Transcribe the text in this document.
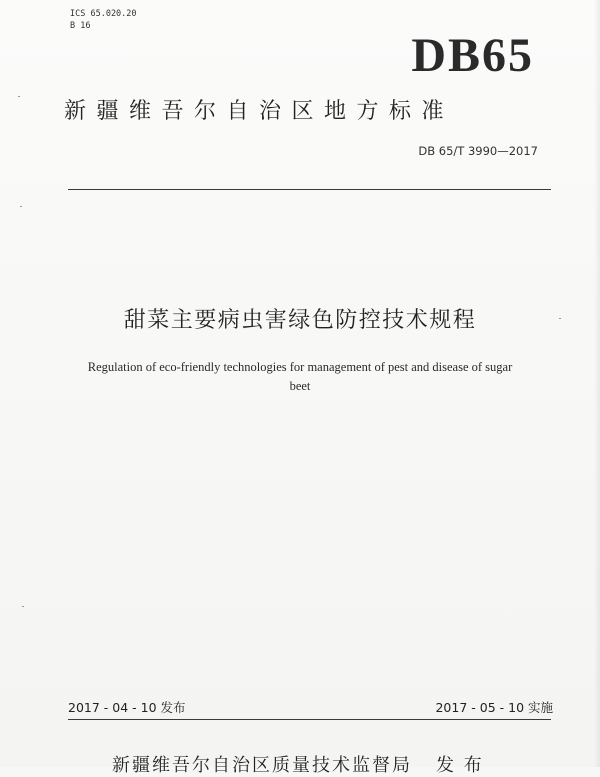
ICS 65.020.20
B 16
DB65
新疆维吾尔自治区地方标准
DB 65/T 3990—2017
甜菜主要病虫害绿色防控技术规程
Regulation of eco-friendly technologies for management of pest and disease of sugar
beet
2017 - 04 - 10 发布	2017 - 05 - 10 实施
新疆维吾尔自治区质量技术监督局 发 布
